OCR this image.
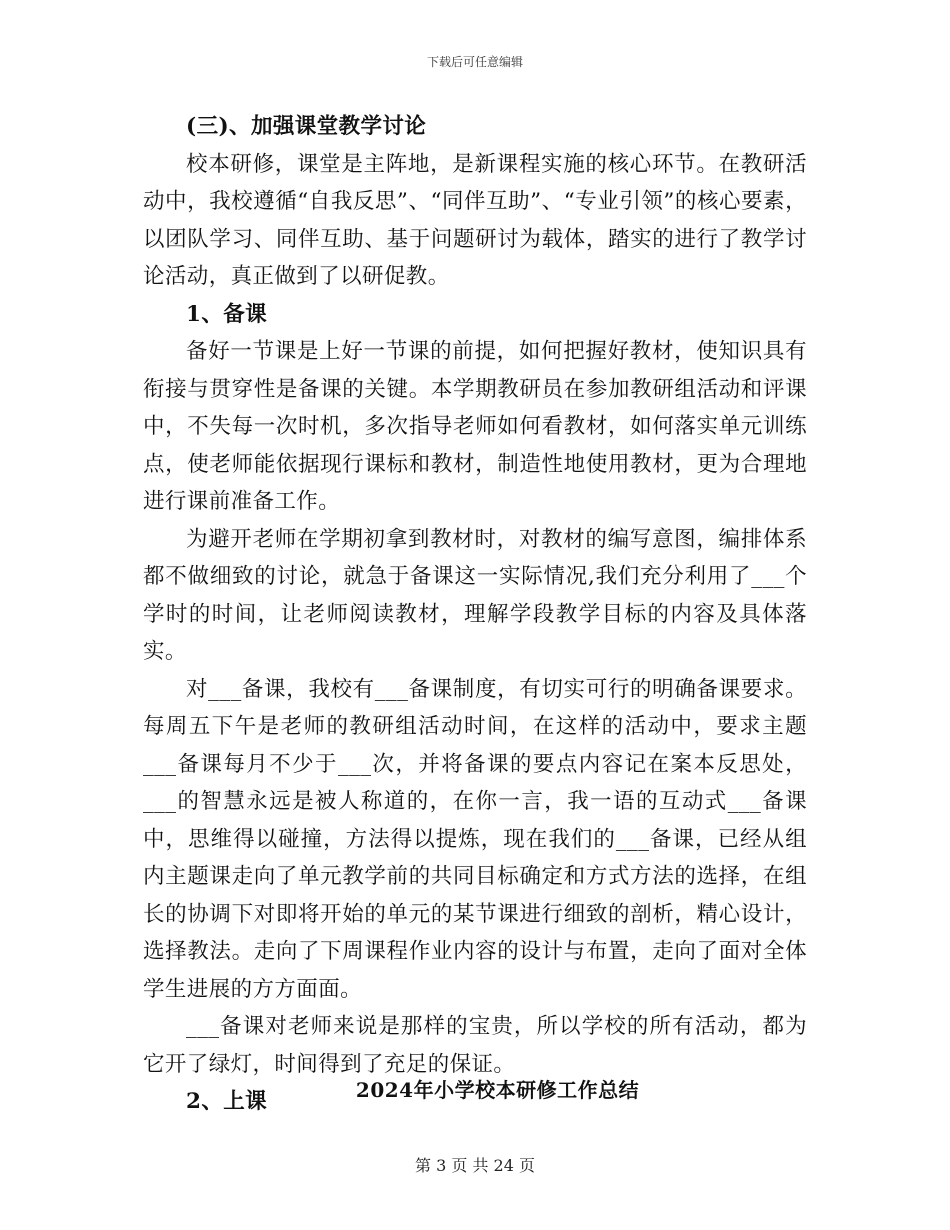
下载后可任意编辑

(三)、加强课堂教学讨论

校本研修，课堂是主阵地，是新课程实施的核心环节。在教研活动中，我校遵循“自我反思”、“同伴互助”、“专业引领”的核心要素，以团队学习、同伴互助、基于问题研讨为载体，踏实的进行了教学讨论活动，真正做到了以研促教。

1、备课

备好一节课是上好一节课的前提，如何把握好教材，使知识具有衔接与贯穿性是备课的关键。本学期教研员在参加教研组活动和评课中，不失每一次时机，多次指导老师如何看教材，如何落实单元训练点，使老师能依据现行课标和教材，制造性地使用教材，更为合理地进行课前准备工作。

为避开老师在学期初拿到教材时，对教材的编写意图，编排体系都不做细致的讨论，就急于备课这一实际情况,我们充分利用了___个学时的时间，让老师阅读教材，理解学段教学目标的内容及具体落实。

对___备课，我校有___备课制度，有切实可行的明确备课要求。每周五下午是老师的教研组活动时间，在这样的活动中，要求主题___备课每月不少于___次，并将备课的要点内容记在案本反思处，___的智慧永远是被人称道的，在你一言，我一语的互动式___备课中，思维得以碰撞，方法得以提炼，现在我们的___备课，已经从组内主题课走向了单元教学前的共同目标确定和方式方法的选择，在组长的协调下对即将开始的单元的某节课进行细致的剖析，精心设计，选择教法。走向了下周课程作业内容的设计与布置，走向了面对全体学生进展的方方面面。

___备课对老师来说是那样的宝贵，所以学校的所有活动，都为它开了绿灯，时间得到了充足的保证。

2、上课	2024年小学校本研修工作总结
第 3 页 共 24 页
